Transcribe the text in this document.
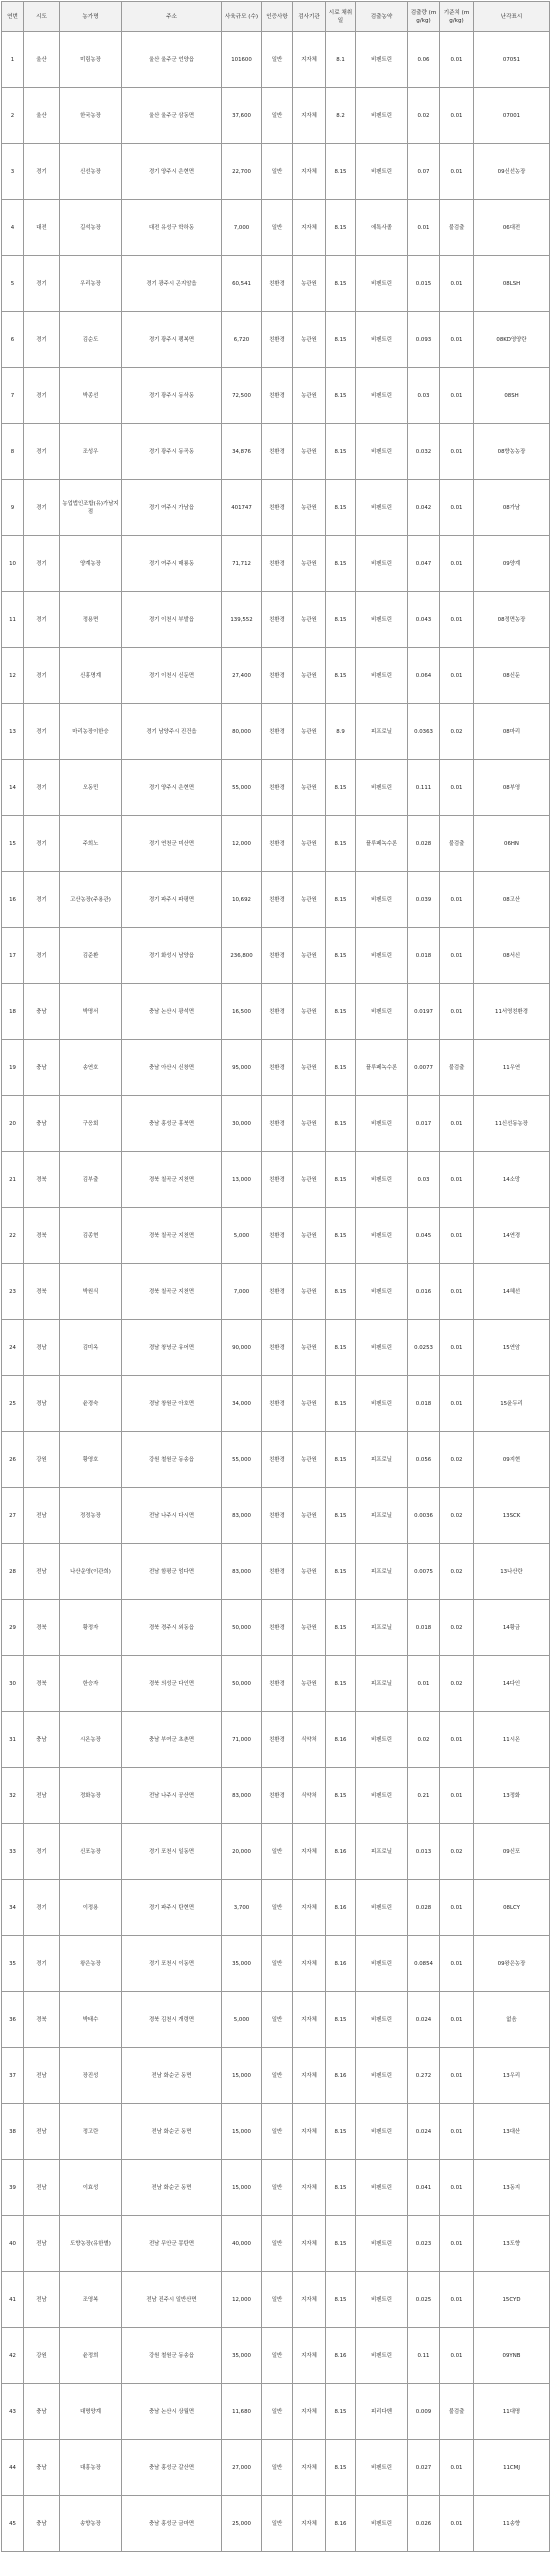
연번	시도	농가명	주소	사육규모 (수)	인증사항	검사기관	시료 채취일	검출농약	검출량 (mg/kg)	기준치 (mg/kg)	난각표시
1	울산	미림농장	울산 울주군 언양읍	101600	일반	지자체	8.1	비펜트린	0.06	0.01	07051
2	울산	한국농장	울산 울주군 삼동면	37,600	일반	지자체	8.2	비펜트린	0.02	0.01	07001
3	경기	신선농장	경기 양주시 은현면	22,700	일반	지자체	8.15	비펜트린	0.07	0.01	09신선농장
4	대전	길석농장	대전 유성구 학하동	7,000	일반	지자체	8.15	에톡사졸	0.01	불검출	06대전
5	경기	우리농장	경기 광주시 곤지암읍	60,541	친환경	농관원	8.15	비펜트린	0.015	0.01	08LSH
6	경기	김순도	경기 광주시 팽복면	6,720	친환경	농관원	8.15	비펜트린	0.093	0.01	08KD영양란
7	경기	박종선	경기 광주시 동삭동	72,500	친환경	농관원	8.15	비펜트린	0.03	0.01	08SH
8	경기	조성우	경기 광주시 동곡동	34,876	친환경	농관원	8.15	비펜트린	0.032	0.01	08향농농장
9	경기	농업법인조합(유)가남지점	경기 여주시 가남읍	401747	친환경	농관원	8.15	비펜트린	0.042	0.01	08가남
10	경기	양계농장	경기 여주시 매룡동	71,712	친환경	농관원	8.15	비펜트린	0.047	0.01	09양계
11	경기	정용면	경기 이천시 부발읍	139,552	친환경	농관원	8.15	비펜트린	0.043	0.01	08정면농장
12	경기	신홍명계	경기 이천시 신둔면	27,400	친환경	농관원	8.15	비펜트린	0.064	0.01	08신둔
13	경기	마리농장이한승	경기 남양주시 진건읍	80,000	친환경	농관원	8.9	피프로닐	0.0363	0.02	08마리
14	경기	오동민	경기 양주시 은현면	55,000	친환경	농관원	8.15	비펜트린	0.111	0.01	08부영
15	경기	주희노	경기 연천군 미산면	12,000	친환경	농관원	8.15	플루페녹수론	0.028	불검출	06HN
16	경기	고산농장(주용관)	경기 파주시 파평면	10,692	친환경	농관원	8.15	비펜트린	0.039	0.01	08고산
17	경기	김준환	경기 화성시 남양읍	236,800	친환경	농관원	8.15	비펜트린	0.018	0.01	08서신
18	충남	박명서	충남 논산시 광석면	16,500	친환경	농관원	8.15	비펜트린	0.0197	0.01	11서영친환경
19	충남	송연호	충남 아산시 신창면	95,000	친환경	농관원	8.15	플루페녹수론	0.0077	불검출	11우연
20	충남	구응회	충남 홍성군 홍북면	30,000	친환경	농관원	8.15	비펜트린	0.017	0.01	11신선동농장
21	경북	김부출	경북 칠곡군 지천면	13,000	친환경	농관원	8.15	비펜트린	0.03	0.01	14소망
22	경북	김종현	경북 칠곡군 지천면	5,000	친환경	농관원	8.15	비펜트린	0.045	0.01	14연경
23	경북	박원식	경북 칠곡군 지천면	7,000	친환경	농관원	8.15	비펜트린	0.016	0.01	14혜선
24	경남	김미옥	경남 창녕군 유어면	90,000	친환경	농관원	8.15	비펜트린	0.0253	0.01	15연암
25	경남	윤경숙	경남 창원군 아호면	34,000	친환경	농관원	8.15	비펜트린	0.018	0.01	15윤두리
26	강원	황영호	강원 철원군 동송읍	55,000	친환경	농관원	8.15	피프로닐	0.056	0.02	09지현
27	전남	정정농장	전남 나주시 다시면	83,000	친환경	농관원	8.15	피프로닐	0.0036	0.02	13SCK
28	전남	나산운영(이관희)	전남 함평군 엄다면	83,000	친환경	농관원	8.15	피프로닐	0.0075	0.02	13나산란
29	경북	황정자	경북 경주시 외동읍	50,000	친환경	농관원	8.15	피프로닐	0.018	0.02	14황금
30	경북	한승자	경북 의성군 다인면	50,000	친환경	농관원	8.15	피프로닐	0.01	0.02	14다인
31	충남	시온농장	충남 부여군 초촌면	71,000	친환경	식약처	8.16	비펜트린	0.02	0.01	11시온
32	전남	정화농장	전남 나주시 공산면	83,000	친환경	식약처	8.15	비펜트린	0.21	0.01	13정화
33	경기	신포농장	경기 포천시 일동면	20,000	일반	지자체	8.16	피프로닐	0.013	0.02	09신포
34	경기	이정용	경기 파주시 탄현면	3,700	일반	지자체	8.16	비펜트린	0.028	0.01	08LCY
35	경기	왕은농장	경기 포천시 이동면	35,000	일반	지자체	8.16	비펜트린	0.0854	0.01	09왕은농장
36	경북	박태수	경북 김천시 개령면	5,000	일반	지자체	8.15	비펜트린	0.024	0.01	없음
37	전남	장진성	전남 화순군 동면	15,000	일반	지자체	8.16	비펜트린	0.272	0.01	13우리
38	전남	정고란	전남 화순군 동면	15,000	일반	지자체	8.15	비펜트린	0.024	0.01	13대산
39	전남	이효성	전남 화순군 동면	15,000	일반	지자체	8.15	비펜트린	0.041	0.01	13동지
40	전남	도향농장(유한별)	전남 무안군 몽탄면	40,000	일반	지자체	8.15	비펜트린	0.023	0.01	13도향
41	전남	조영복	전남 진주시 일반산면	12,000	일반	지자체	8.15	비펜트린	0.025	0.01	15CYD
42	강원	윤정희	강원 철원군 동송읍	35,000	일반	지자체	8.16	비펜트린	0.11	0.01	09YNB
43	충남	대명양계	충남 논산시 상월면	11,680	일반	지자체	8.15	피리다벤	0.009	불검출	11대명
44	충남	대흥농장	충남 홍성군 갈산면	27,000	일반	지자체	8.15	비펜트린	0.027	0.01	11CMJ
45	충남	송향농장	충남 홍성군 금마면	25,000	일반	지자체	8.16	비펜트린	0.026	0.01	11송향
